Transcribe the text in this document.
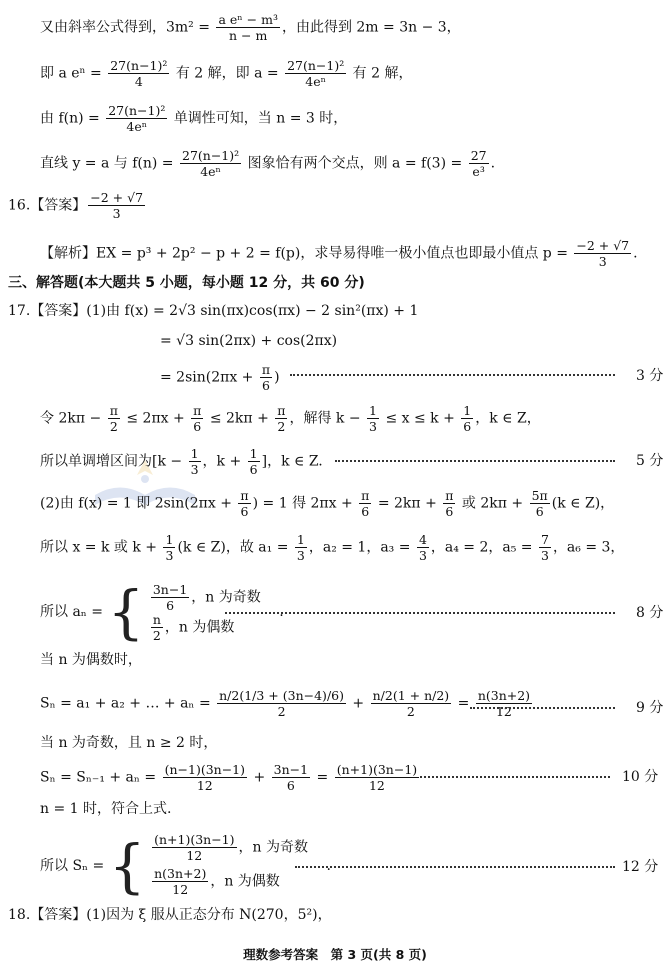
又由斜率公式得到，$3m^2 = \frac{\text{a eⁿ − m³}}{n - m}$ ，由此得到 2m = 3n − 3，
即 a $e^n = \frac{\text{27(n−1)²}}{4}$ 有 2 解，即 $a = \frac{\text{27(n−1)²}}{\text{4eⁿ}}$ 有 2 解，
由 $f(n) = \frac{\text{27(n−1)²}}{\text{4eⁿ}}$ 单调性可知，当 n = 3 时，
直线 y = a 与 $f(n) = \frac{\text{27(n−1)²}}{\text{4eⁿ}}$ 图象恰有两个交点，则 $a = f(3) = \frac{27}{\text{e³}}$ .
16.【答案】 $\frac{-2 + √7}{3}$
【解析】EX = p³ + 2p² − p + 2 = f(p)，求导易得唯一极小值点也即最小值点 $p = \frac{-2 + √7}{3}$ .
三、解答题(本大题共 5 小题，每小题 12 分，共 60 分)
17.【答案】(1)由 f(x) = 2√3 sin(πx)cos(πx) − 2 sin²(πx) + 1
= √3 sin(2πx) + cos(2πx)
= $2\sin(2\pi x + \frac{\pi}{6}$ )	3 分
令 $2k\pi - \frac{\pi}{2} \le 2\pi x + \frac{\pi}{6} \le 2k\pi + \frac{\pi}{2}$ ，解得 $k - \frac{1}{3} \le x \le k + \frac{1}{6}$ ，k ∈ Z，
所以单调增区间为[$k - \frac{1}{3}$ ，$k + \frac{1}{6}$ ]，k ∈ Z.	5 分
(2)由 f(x) = 1 即 $2\sin(2\pi x + \frac{\pi}{6}$ ) = 1 得 $2\pi x + \frac{\pi}{6} = 2k\pi + \frac{\pi}{6}$ 或 $2k\pi + \frac{5\pi}{6} (k$ ∈ Z)，
所以 x = k 或 $k + \frac{1}{3} (k$ ∈ Z)，故 $a_1 = \frac{1}{3}$ ，a₂ = 1，$a_3 = \frac{4}{3}$ ，a₄ = 2，$a_5 = \frac{7}{3}$ ，a₆ = 3，
所以 aₙ = { $\frac{3n-1}{6}$ ，n 为奇数
$\frac{n}{2}$ ，n 为偶数
.	8 分
当 n 为偶数时，
Sₙ = a₁ + a₂ + … + $a_n = \frac{n/2(1/3 + (3n-4)/6)}{2} + \frac{n/2(1 + n/2)}{2} = \frac{n(3n+2)}{12}$	9 分
当 n 为奇数，且 n ≥ 2 时，
$S_n = S_{n-1} + a_n = \frac{(n-1)(3n-1)}{12} + \frac{3n-1}{6} = \frac{(n+1)(3n-1)}{12}$	10 分
n = 1 时，符合上式.
所以 Sₙ = { $\frac{(n+1)(3n-1)}{12}$ ，n 为奇数
$\frac{n(3n+2)}{12}$ ，n 为偶数
.	12 分
18.【答案】(1)因为 ξ 服从正态分布 N(270，5²)，
理数参考答案　第 3 页(共 8 页)
